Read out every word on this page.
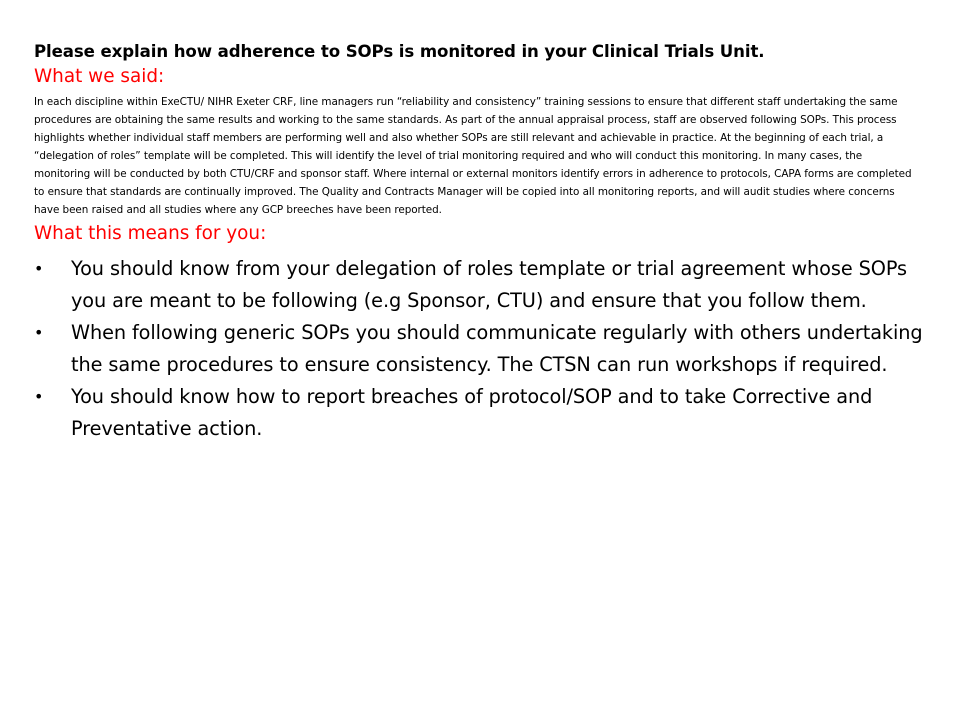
Please explain how adherence to SOPs is monitored in your Clinical Trials Unit.

What we said:

In each discipline within ExeCTU/ NIHR Exeter CRF, line managers run “reliability and consistency” training sessions to ensure that different staff undertaking the same procedures are obtaining the same results and working to the same standards. As part of the annual appraisal process, staff are observed following SOPs. This process highlights whether individual staff members are performing well and also whether SOPs are still relevant and achievable in practice. At the beginning of each trial, a “delegation of roles” template will be completed. This will identify the level of trial monitoring required and who will conduct this monitoring. In many cases, the monitoring will be conducted by both CTU/CRF and sponsor staff. Where internal or external monitors identify errors in adherence to protocols, CAPA forms are completed to ensure that standards are continually improved. The Quality and Contracts Manager will be copied into all monitoring reports, and will audit studies where concerns have been raised and all studies where any GCP breeches have been reported.

What this means for you:

• You should know from your delegation of roles template or trial agreement whose SOPs you are meant to be following (e.g Sponsor, CTU) and ensure that you follow them.
• When following generic SOPs you should communicate regularly with others undertaking the same procedures to ensure consistency. The CTSN can run workshops if required.
• You should know how to report breaches of protocol/SOP and to take Corrective and Preventative action.
